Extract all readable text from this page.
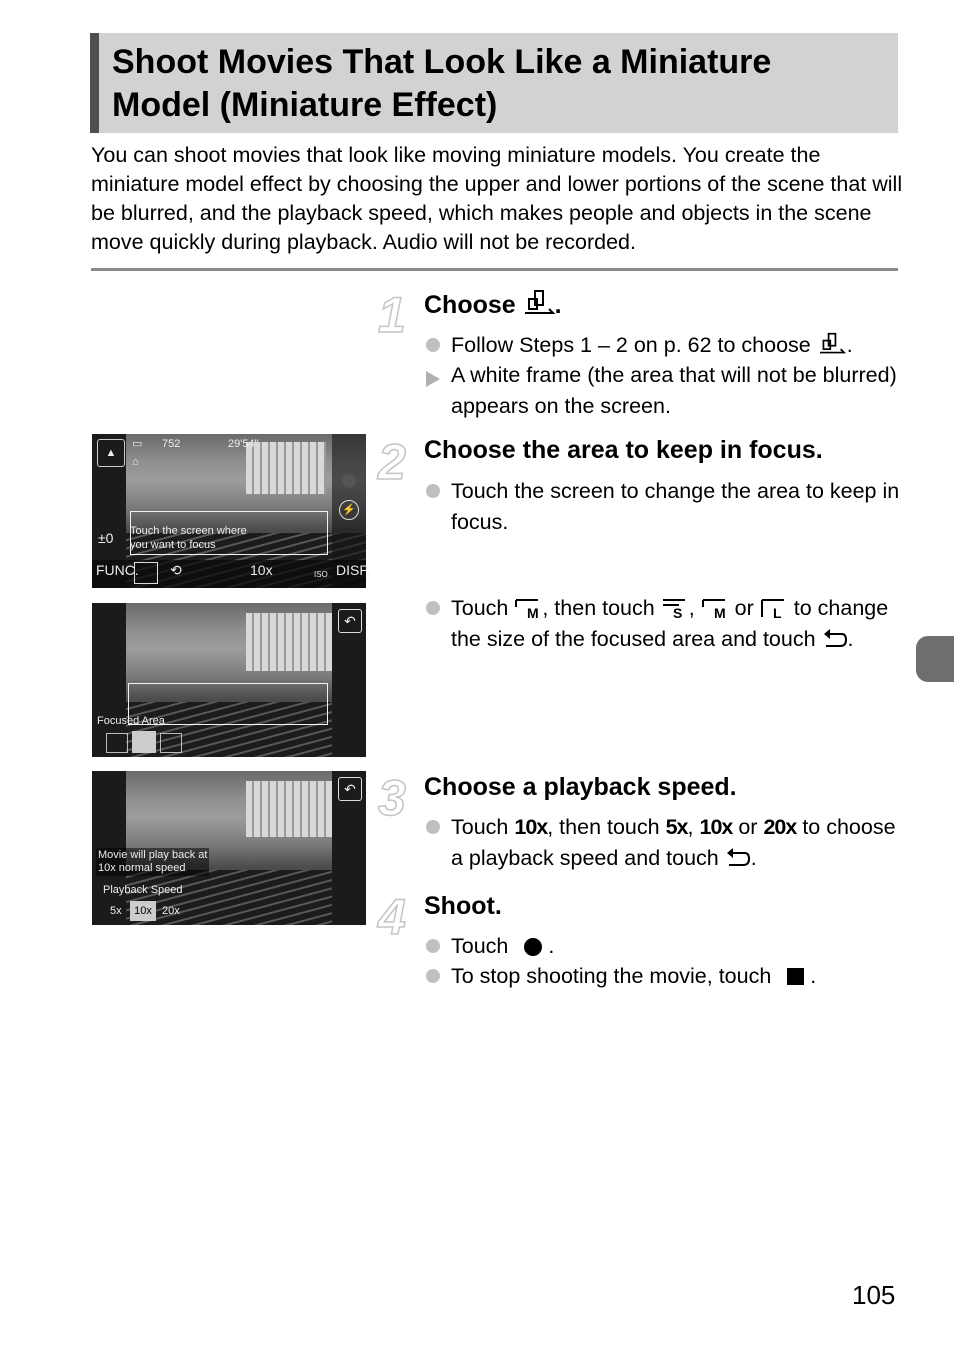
Shoot Movies That Look Like a Miniature
Model (Miniature Effect)
You can shoot movies that look like moving miniature models. You create the miniature model effect by choosing the upper and lower portions of the scene that will be blurred, and the playback speed, which makes people and objects in the scene move quickly during playback. Audio will not be recorded.
1 Choose .
Follow Steps 1 – 2 on p. 62 to choose .
A white frame (the area that will not be blurred) appears on the screen.
▲
▭ 752	29'54"
⌂
⚡
Touch the screen where
you want to focus
±0
FUNC. ⟲	10x	ISO DISP.
2 Choose the area to keep in focus.
Touch the screen to change the area to keep in focus.
Touch M , then touch S , M or L to change the size of the focused area and touch .
↶
Focused Area
↶
Movie will play back at
10x normal speed
Playback Speed
5x	10x 20x
3 Choose a playback speed.
Touch 10x, then touch 5x, 10x or 20x to choose a playback speed and touch .
4 Shoot.
Touch .
To stop shooting the movie, touch .
105
